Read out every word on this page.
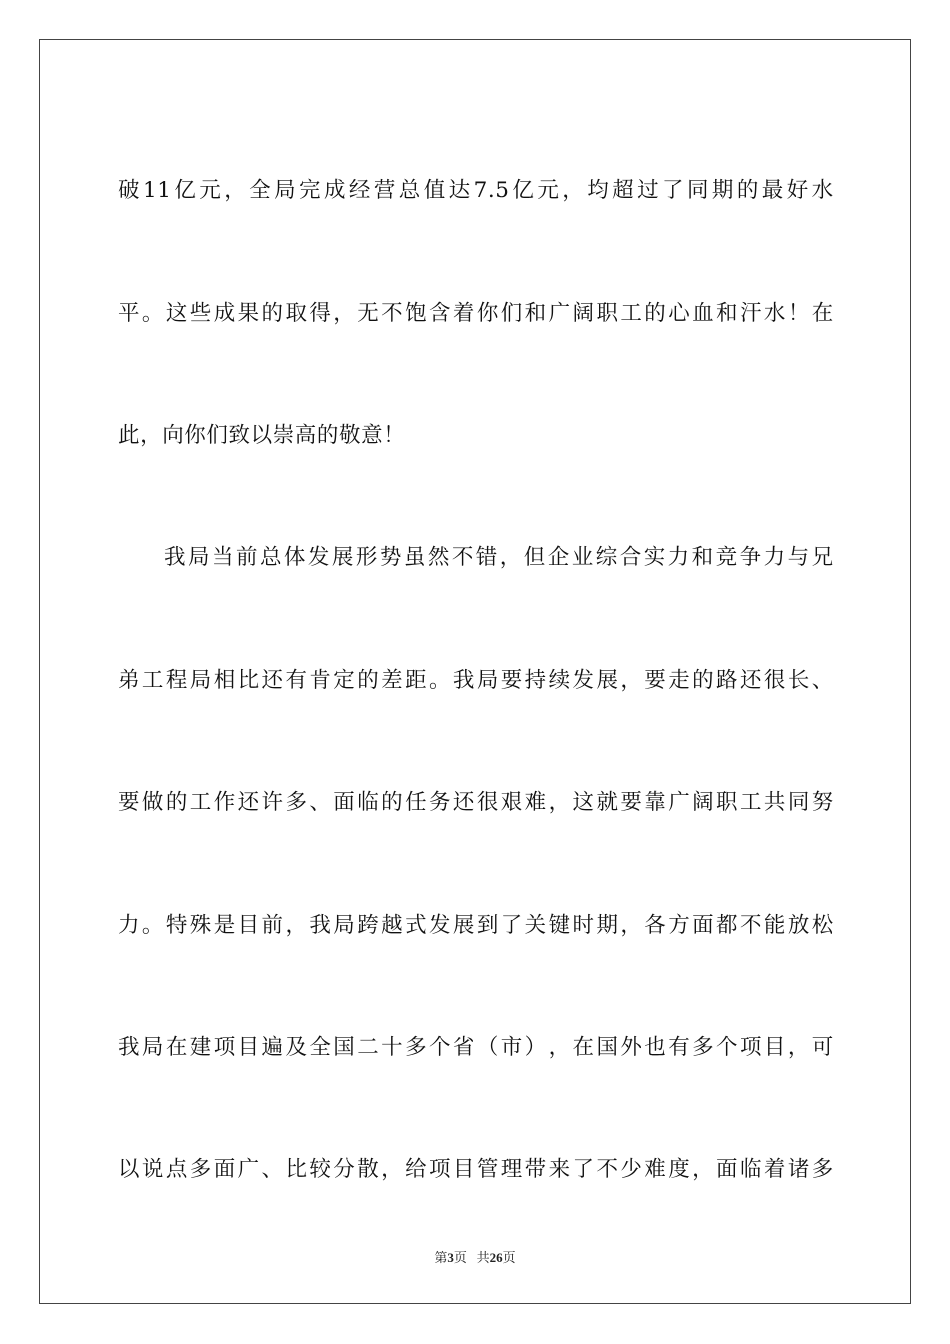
破 11 亿 元 ， 全 局 完 成 经 营 总 值 达 7.5 亿 元 ， 均 超 过 了 同 期 的 最 好 水
平 。 这 些 成 果 的 取 得 ， 无 不 饱 含 着 你 们 和 广 阔 职 工 的 心 血 和 汗 水 ！ 在
此，向你们致以崇高的敬意！
我 局 当 前 总 体 发 展 形 势 虽 然 不 错 ， 但 企 业 综 合 实 力 和 竞 争 力 与 兄
弟 工 程 局 相 比 还 有 肯 定 的 差 距 。 我 局 要 持 续 发 展 ， 要 走 的 路 还 很 长 、
要 做 的 工 作 还 许 多 、 面 临 的 任 务 还 很 艰 难 ， 这 就 要 靠 广 阔 职 工 共 同 努
力 。 特 殊 是 目 前 ， 我 局 跨 越 式 发 展 到 了 关 键 时 期 ， 各 方 面 都 不 能 放 松
我 局 在 建 项 目 遍 及 全 国 二 十 多 个 省 （ 市 ） ， 在 国 外 也 有 多 个 项 目 ， 可
以 说 点 多 面 广 、 比 较 分 散 ， 给 项 目 管 理 带 来 了 不 少 难 度 ， 面 临 着 诸 多
第3页 共26页
